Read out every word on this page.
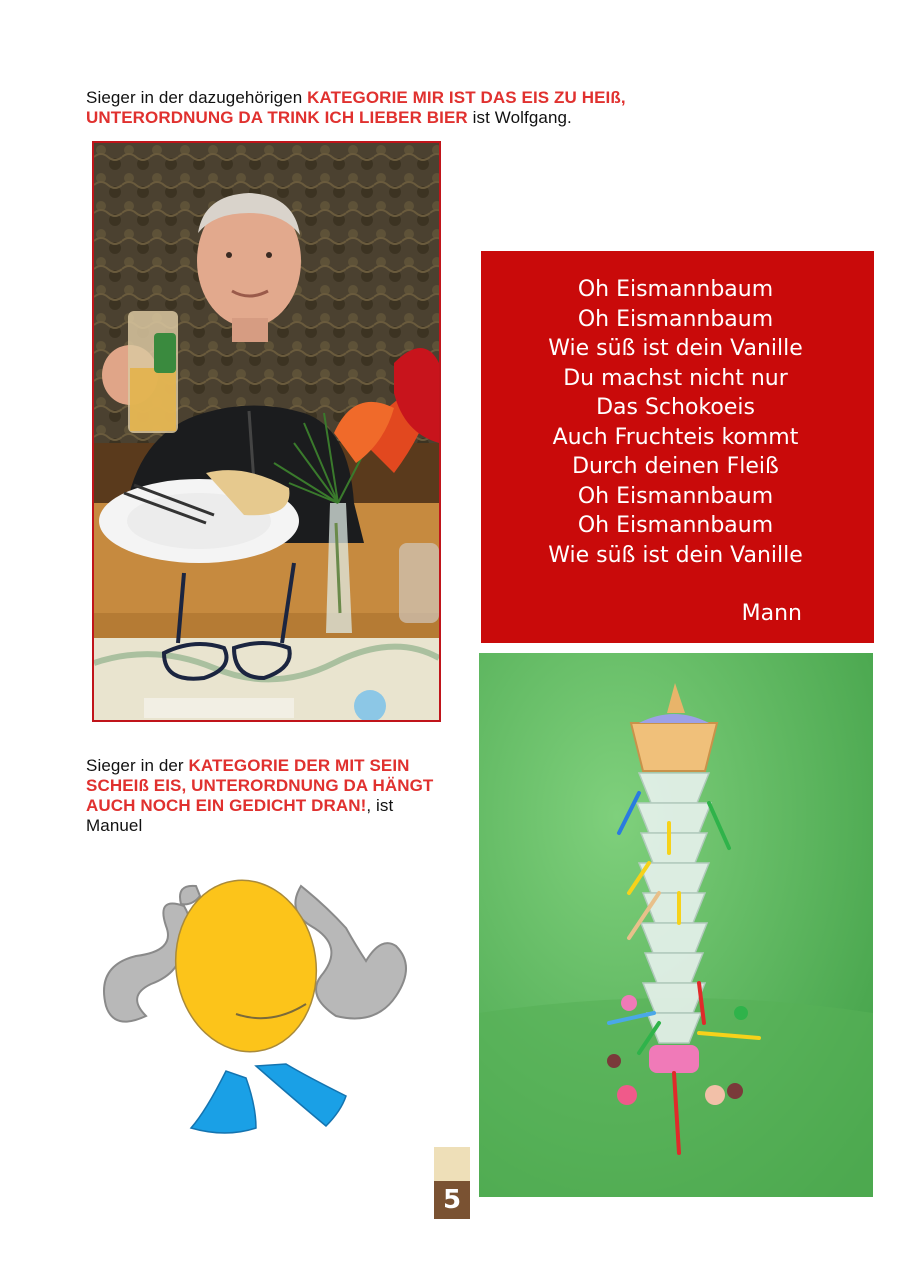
Sieger in der dazugehörigen KATEGORIE MIR IST DAS EIS ZU HEIß, UNTERORDNUNG DA TRINK ICH LIEBER BIER ist Wolfgang.
Oh Eismannbaum
Oh Eismannbaum
Wie süß ist dein Vanille
Du machst nicht nur
Das Schokoeis
Auch Fruchteis kommt
Durch deinen Fleiß
Oh Eismannbaum
Oh Eismannbaum
Wie süß ist dein Vanille
Mann
Sieger in der KATEGORIE DER MIT SEIN SCHEIß EIS, UNTERORDNUNG DA HÄNGT AUCH NOCH EIN GEDICHT DRAN!, ist Manuel
5
